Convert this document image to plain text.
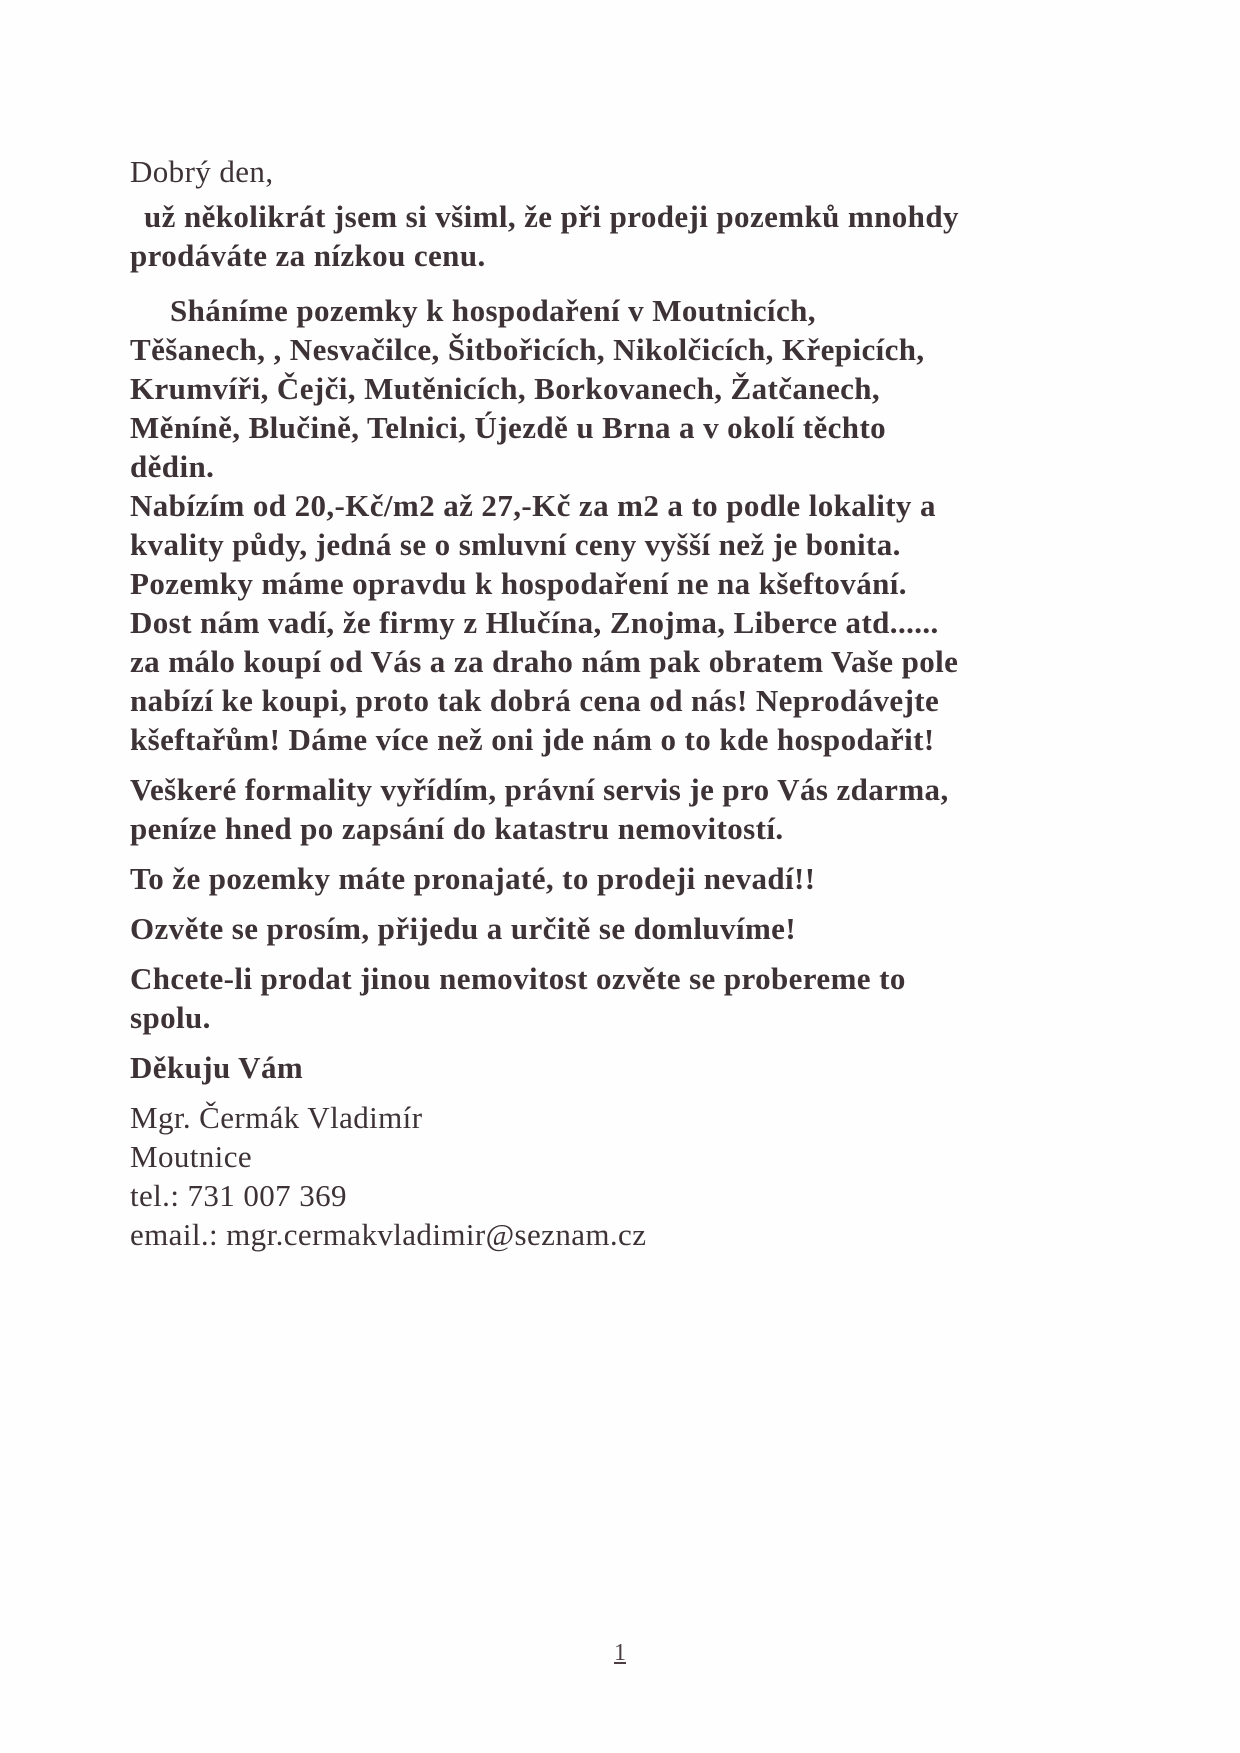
Dobrý den,
už několikrát jsem si všiml, že při prodeji pozemků mnohdy
prodáváte za nízkou cenu.
Sháníme pozemky k hospodaření v Moutnicích,
Těšanech, , Nesvačilce, Šitbořicích, Nikolčicích, Křepicích,
Krumvíři, Čejči, Mutěnicích, Borkovanech, Žatčanech,
Měníně, Blučině, Telnici, Újezdě u Brna a v okolí těchto
dědin.
Nabízím od 20,-Kč/m2 až 27,-Kč za m2 a to podle lokality a
kvality půdy, jedná se o smluvní ceny vyšší než je bonita.
Pozemky máme opravdu k hospodaření ne na kšeftování.
Dost nám vadí, že firmy z Hlučína, Znojma, Liberce atd......
za málo koupí od Vás a za draho nám pak obratem Vaše pole
nabízí ke koupi, proto tak dobrá cena od nás! Neprodávejte
kšeftařům! Dáme více než oni jde nám o to kde hospodařit!
Veškeré formality vyřídím, právní servis je pro Vás zdarma,
peníze hned po zapsání do katastru nemovitostí.
To že pozemky máte pronajaté, to prodeji nevadí!!
Ozvěte se prosím, přijedu a určitě se domluvíme!
Chcete-li prodat jinou nemovitost ozvěte se probereme to
spolu.
Děkuju Vám
Mgr. Čermák Vladimír
Moutnice
tel.: 731 007 369
email.: mgr.cermakvladimir@seznam.cz
1
